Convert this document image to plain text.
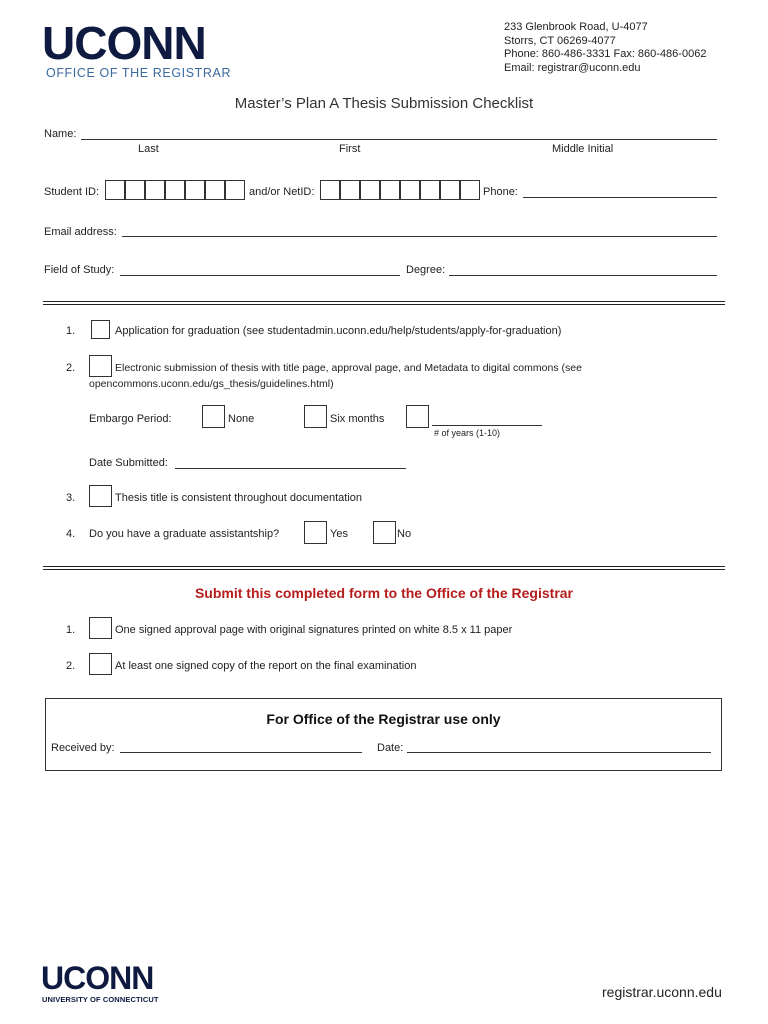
UCONN
OFFICE OF THE REGISTRAR
233 Glenbrook Road, U-4077
Storrs, CT 06269-4077
Phone: 860-486-3331 Fax: 860-486-0062
Email: registrar@uconn.edu
Master’s Plan A Thesis Submission Checklist
Name:
Last	First	Middle Initial
Student ID:	and/or NetID:	Phone:
Email address:
Field of Study:	Degree:
1.	Application for graduation (see studentadmin.uconn.edu/help/students/apply-for-graduation)
2.	Electronic submission of thesis with title page, approval page, and Metadata to digital commons (see
opencommons.uconn.edu/gs_thesis/guidelines.html)
Embargo Period:	None	Six months
# of years (1-10)
Date Submitted:
3.	Thesis title is consistent throughout documentation
4. Do you have a graduate assistantship?	Yes	No
Submit this completed form to the Office of the Registrar
1.	One signed approval page with original signatures printed on white 8.5 x 11 paper
2.	At least one signed copy of the report on the final examination
For Office of the Registrar use only
Received by:	Date:
UCONN
UNIVERSITY OF CONNECTICUT	registrar.uconn.edu
